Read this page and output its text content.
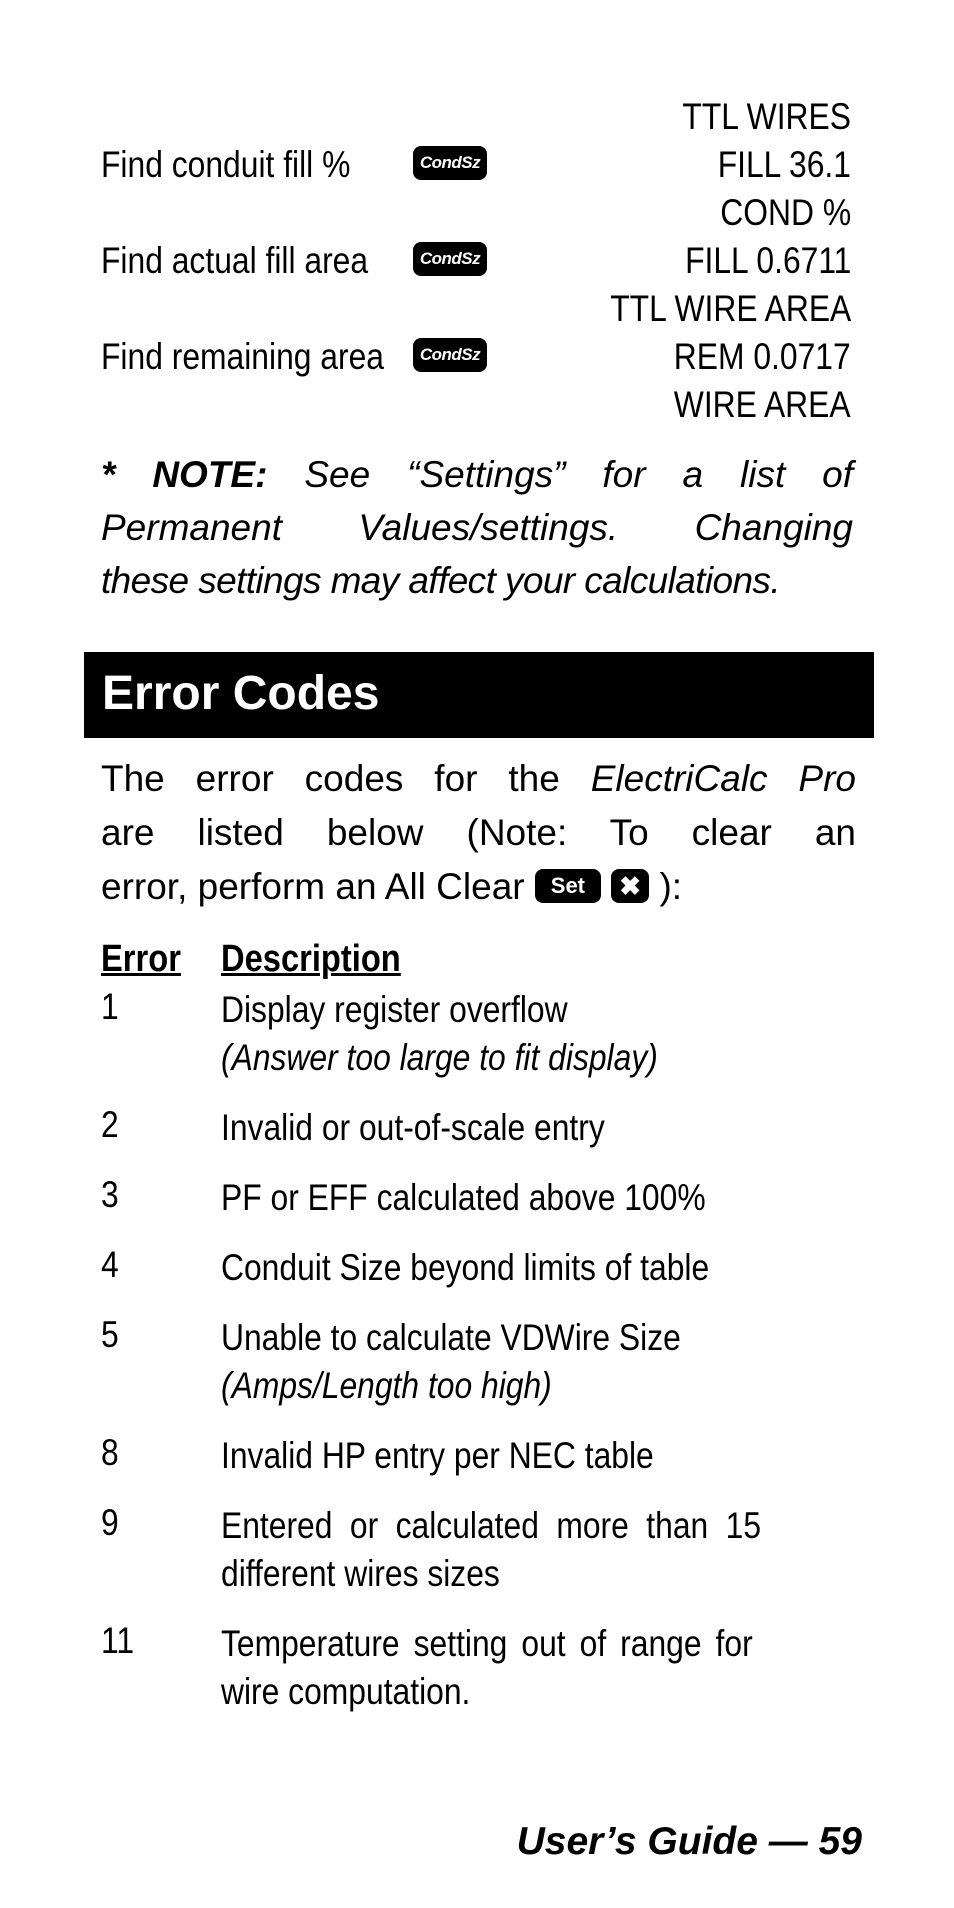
TTL WIRES
Find conduit fill %	CondSz	FILL 36.1
COND %
Find actual fill area	CondSz	FILL 0.6711
TTL WIRE AREA
Find remaining area	CondSz	REM 0.0717
WIRE AREA

* NOTE: See “Settings” for a list of
Permanent Values/settings. Changing
these settings may affect your calculations.

Error Codes

The error codes for the ElectriCalc Pro
are listed below (Note: To clear an
error, perform an All Clear Set ✖ ):

Error Description
1	Display register overflow
(Answer too large to fit display)
2	Invalid or out-of-scale entry
3	PF or EFF calculated above 100%
4	Conduit Size beyond limits of table
5	Unable to calculate VDWire Size
(Amps/Length too high)
8	Invalid HP entry per NEC table
9	Entered or calculated more than 15
different wires sizes
11 Temperature setting out of range for
wire computation.
User’s Guide — 59
